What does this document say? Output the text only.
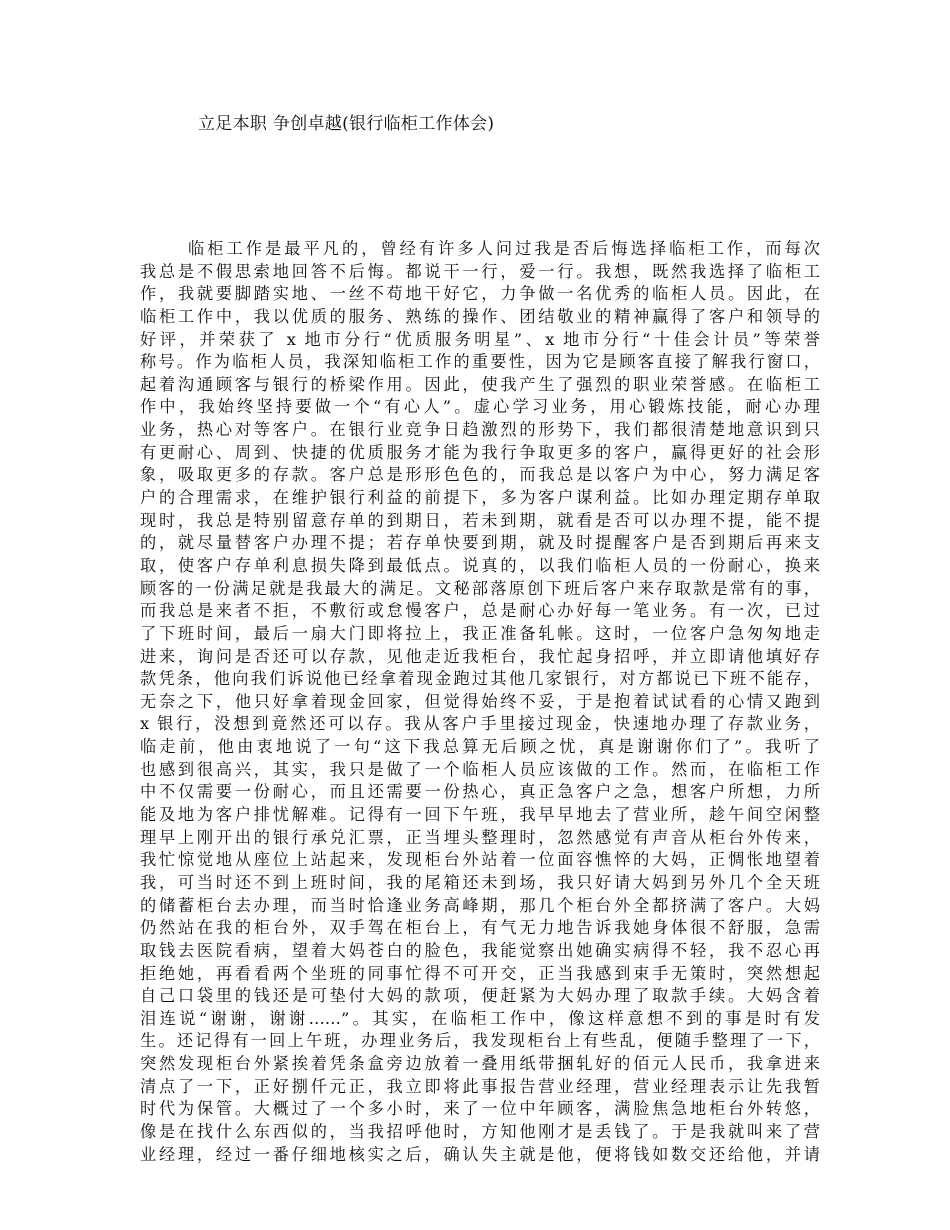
立足本职 争创卓越(银行临柜工作体会)
临柜工作是最平凡的，曾经有许多人问过我是否后悔选择临柜工作，而每次
我总是不假思索地回答不后悔。都说干一行，爱一行。我想，既然我选择了临柜工
作，我就要脚踏实地、一丝不苟地干好它，力争做一名优秀的临柜人员。因此，在
临柜工作中，我以优质的服务、熟练的操作、团结敬业的精神赢得了客户和领导的
好评，并荣获了 x 地市分行“优质服务明星”、x 地市分行“十佳会计员”等荣誉
称号。作为临柜人员，我深知临柜工作的重要性，因为它是顾客直接了解我行窗口，
起着沟通顾客与银行的桥梁作用。因此，使我产生了强烈的职业荣誉感。在临柜工
作中，我始终坚持要做一个“有心人”。虚心学习业务，用心锻炼技能，耐心办理
业务，热心对等客户。在银行业竞争日趋激烈的形势下，我们都很清楚地意识到只
有更耐心、周到、快捷的优质服务才能为我行争取更多的客户，赢得更好的社会形
象，吸取更多的存款。客户总是形形色色的，而我总是以客户为中心，努力满足客
户的合理需求，在维护银行利益的前提下，多为客户谋利益。比如办理定期存单取
现时，我总是特别留意存单的到期日，若未到期，就看是否可以办理不提，能不提
的，就尽量替客户办理不提；若存单快要到期，就及时提醒客户是否到期后再来支
取，使客户存单利息损失降到最低点。说真的，以我们临柜人员的一份耐心，换来
顾客的一份满足就是我最大的满足。文秘部落原创下班后客户来存取款是常有的事，
而我总是来者不拒，不敷衍或怠慢客户，总是耐心办好每一笔业务。有一次，已过
了下班时间，最后一扇大门即将拉上，我正准备轧帐。这时，一位客户急匆匆地走
进来，询问是否还可以存款，见他走近我柜台，我忙起身招呼，并立即请他填好存
款凭条，他向我们诉说他已经拿着现金跑过其他几家银行，对方都说已下班不能存，
无奈之下，他只好拿着现金回家，但觉得始终不妥，于是抱着试试看的心情又跑到
x 银行，没想到竟然还可以存。我从客户手里接过现金，快速地办理了存款业务，
临走前，他由衷地说了一句“这下我总算无后顾之忧，真是谢谢你们了”。我听了
也感到很高兴，其实，我只是做了一个临柜人员应该做的工作。然而，在临柜工作
中不仅需要一份耐心，而且还需要一份热心，真正急客户之急，想客户所想，力所
能及地为客户排忧解难。记得有一回下午班，我早早地去了营业所，趁午间空闲整
理早上刚开出的银行承兑汇票，正当埋头整理时，忽然感觉有声音从柜台外传来，
我忙惊觉地从座位上站起来，发现柜台外站着一位面容憔悴的大妈，正惆怅地望着
我，可当时还不到上班时间，我的尾箱还未到场，我只好请大妈到另外几个全天班
的储蓄柜台去办理，而当时恰逢业务高峰期，那几个柜台外全都挤满了客户。大妈
仍然站在我的柜台外，双手驾在柜台上，有气无力地告诉我她身体很不舒服，急需
取钱去医院看病，望着大妈苍白的脸色，我能觉察出她确实病得不轻，我不忍心再
拒绝她，再看看两个坐班的同事忙得不可开交，正当我感到束手无策时，突然想起
自己口袋里的钱还是可垫付大妈的款项，便赶紧为大妈办理了取款手续。大妈含着
泪连说“谢谢，谢谢……”。其实，在临柜工作中，像这样意想不到的事是时有发
生。还记得有一回上午班，办理业务后，我发现柜台上有些乱，便随手整理了一下，
突然发现柜台外紧挨着凭条盒旁边放着一叠用纸带捆轧好的佰元人民币，我拿进来
清点了一下，正好捌仟元正，我立即将此事报告营业经理，营业经理表示让先我暂
时代为保管。大概过了一个多小时，来了一位中年顾客，满脸焦急地柜台外转悠，
像是在找什么东西似的，当我招呼他时，方知他刚才是丢钱了。于是我就叫来了营
业经理，经过一番仔细地核实之后，确认失主就是他，便将钱如数交还给他，并请
